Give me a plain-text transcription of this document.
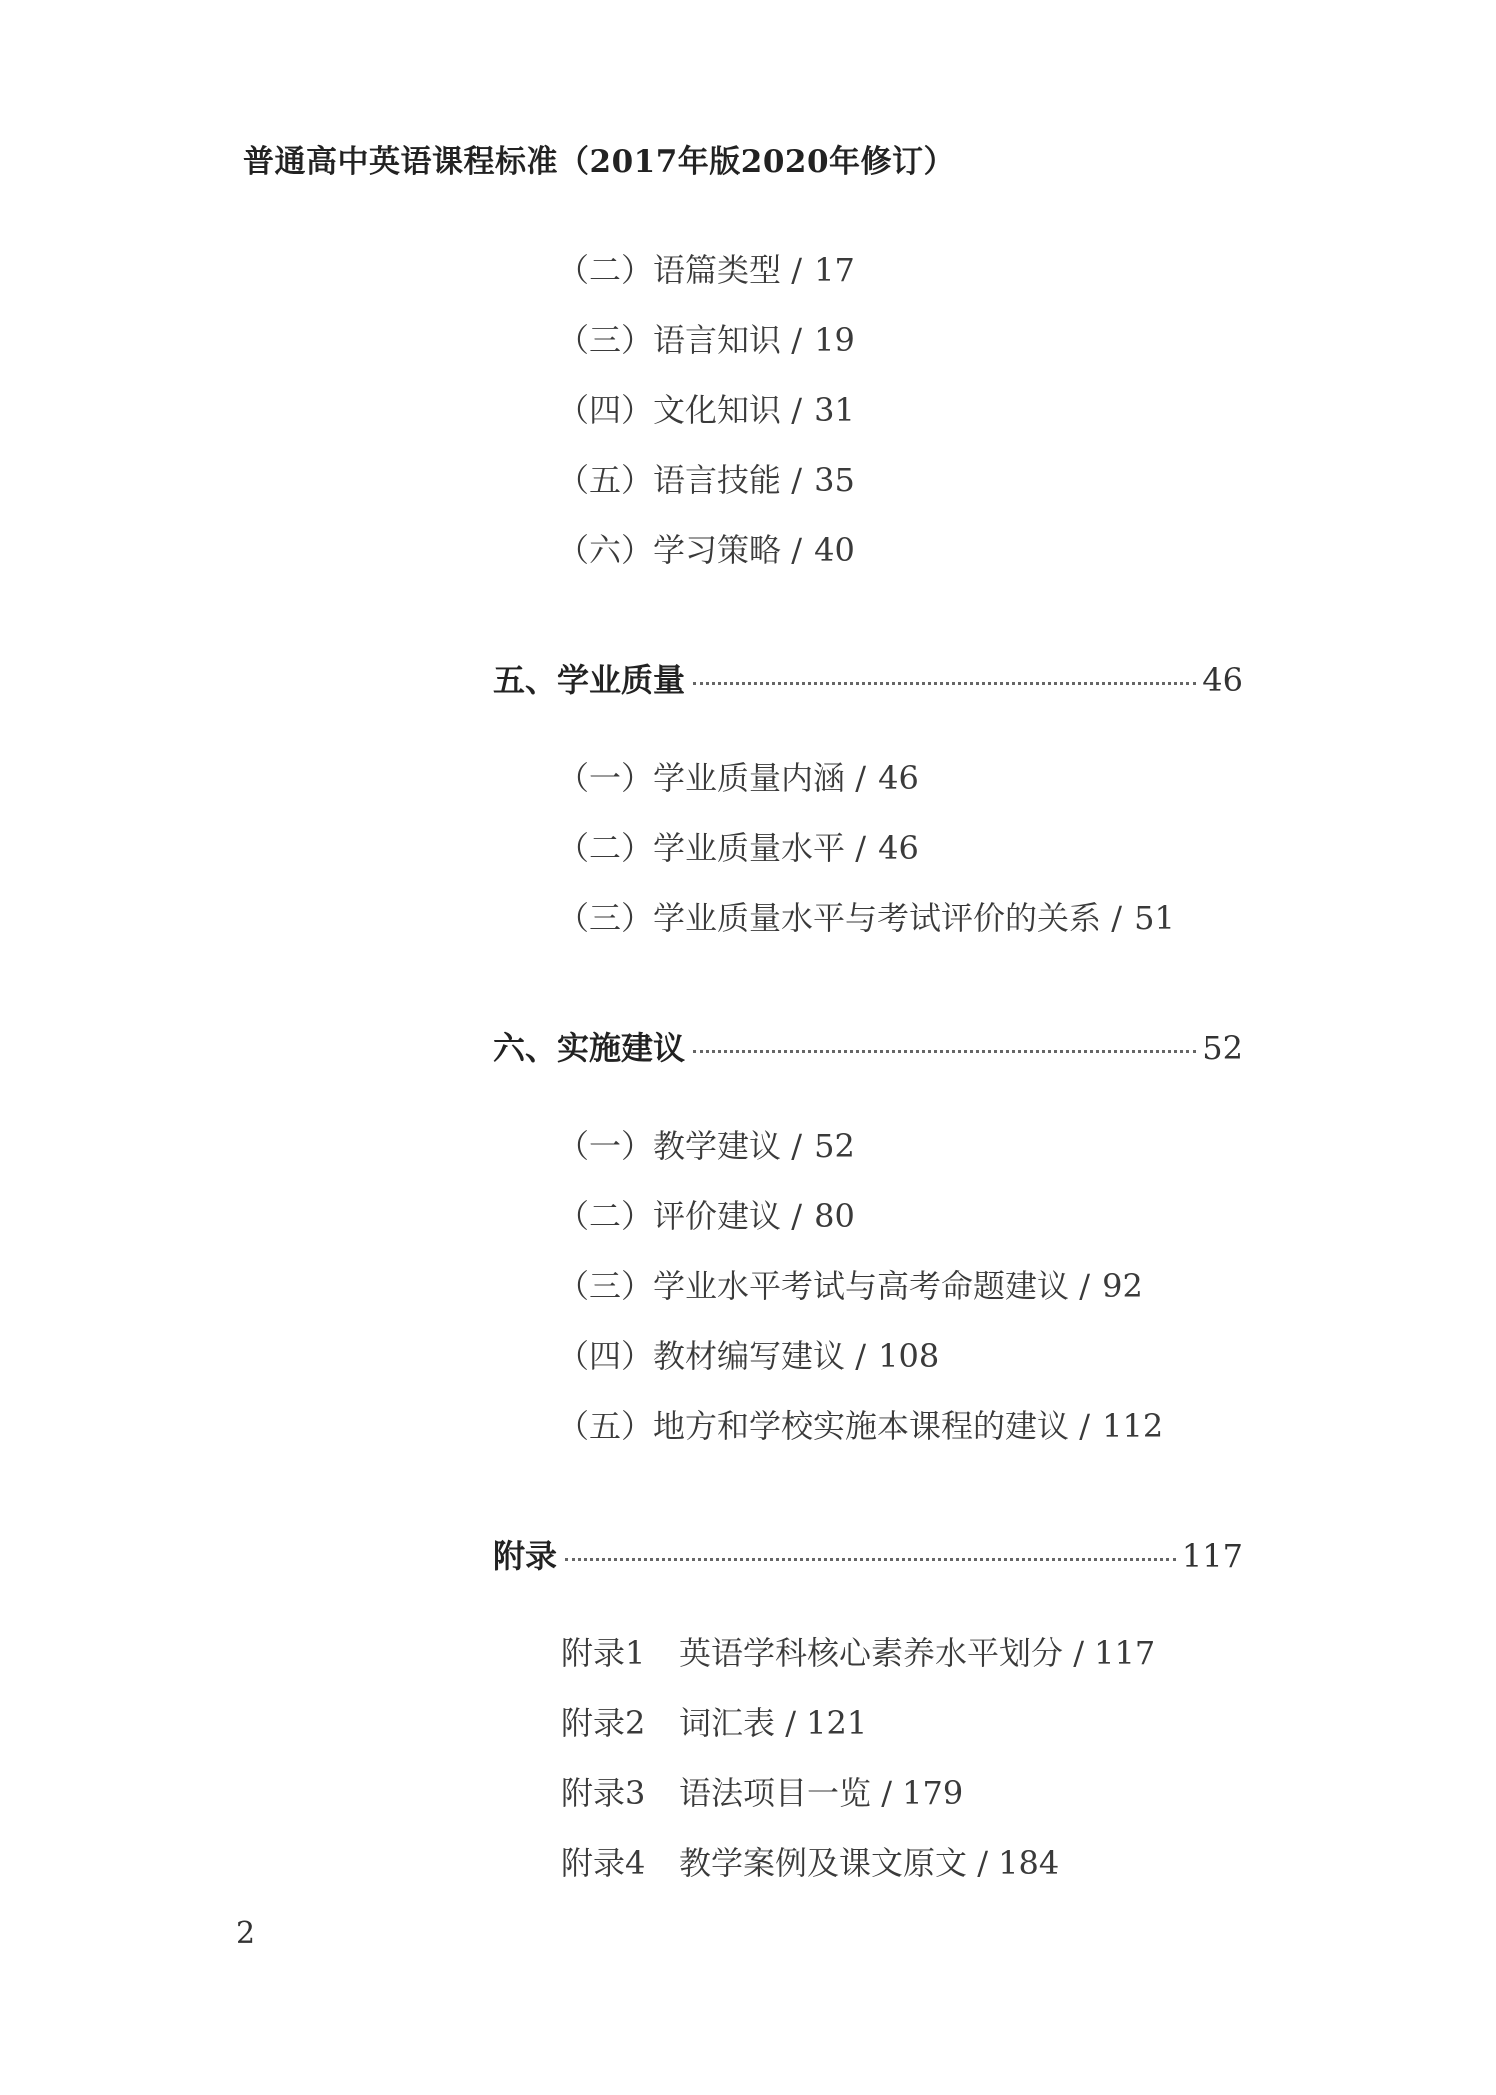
普通高中英语课程标准（2017年版2020年修订）
（二）语篇类型 / 17
（三）语言知识 / 19
（四）文化知识 / 31
（五）语言技能 / 35
（六）学习策略 / 40
五、学业质量	46
（一）学业质量内涵 / 46
（二）学业质量水平 / 46
（三）学业质量水平与考试评价的关系 / 51
六、实施建议	52
（一）教学建议 / 52
（二）评价建议 / 80
（三）学业水平考试与高考命题建议 / 92
（四）教材编写建议 / 108
（五）地方和学校实施本课程的建议 / 112
附录	117
附录1 英语学科核心素养水平划分 / 117
附录2 词汇表 / 121
附录3 语法项目一览 / 179
附录4 教学案例及课文原文 / 184
2
